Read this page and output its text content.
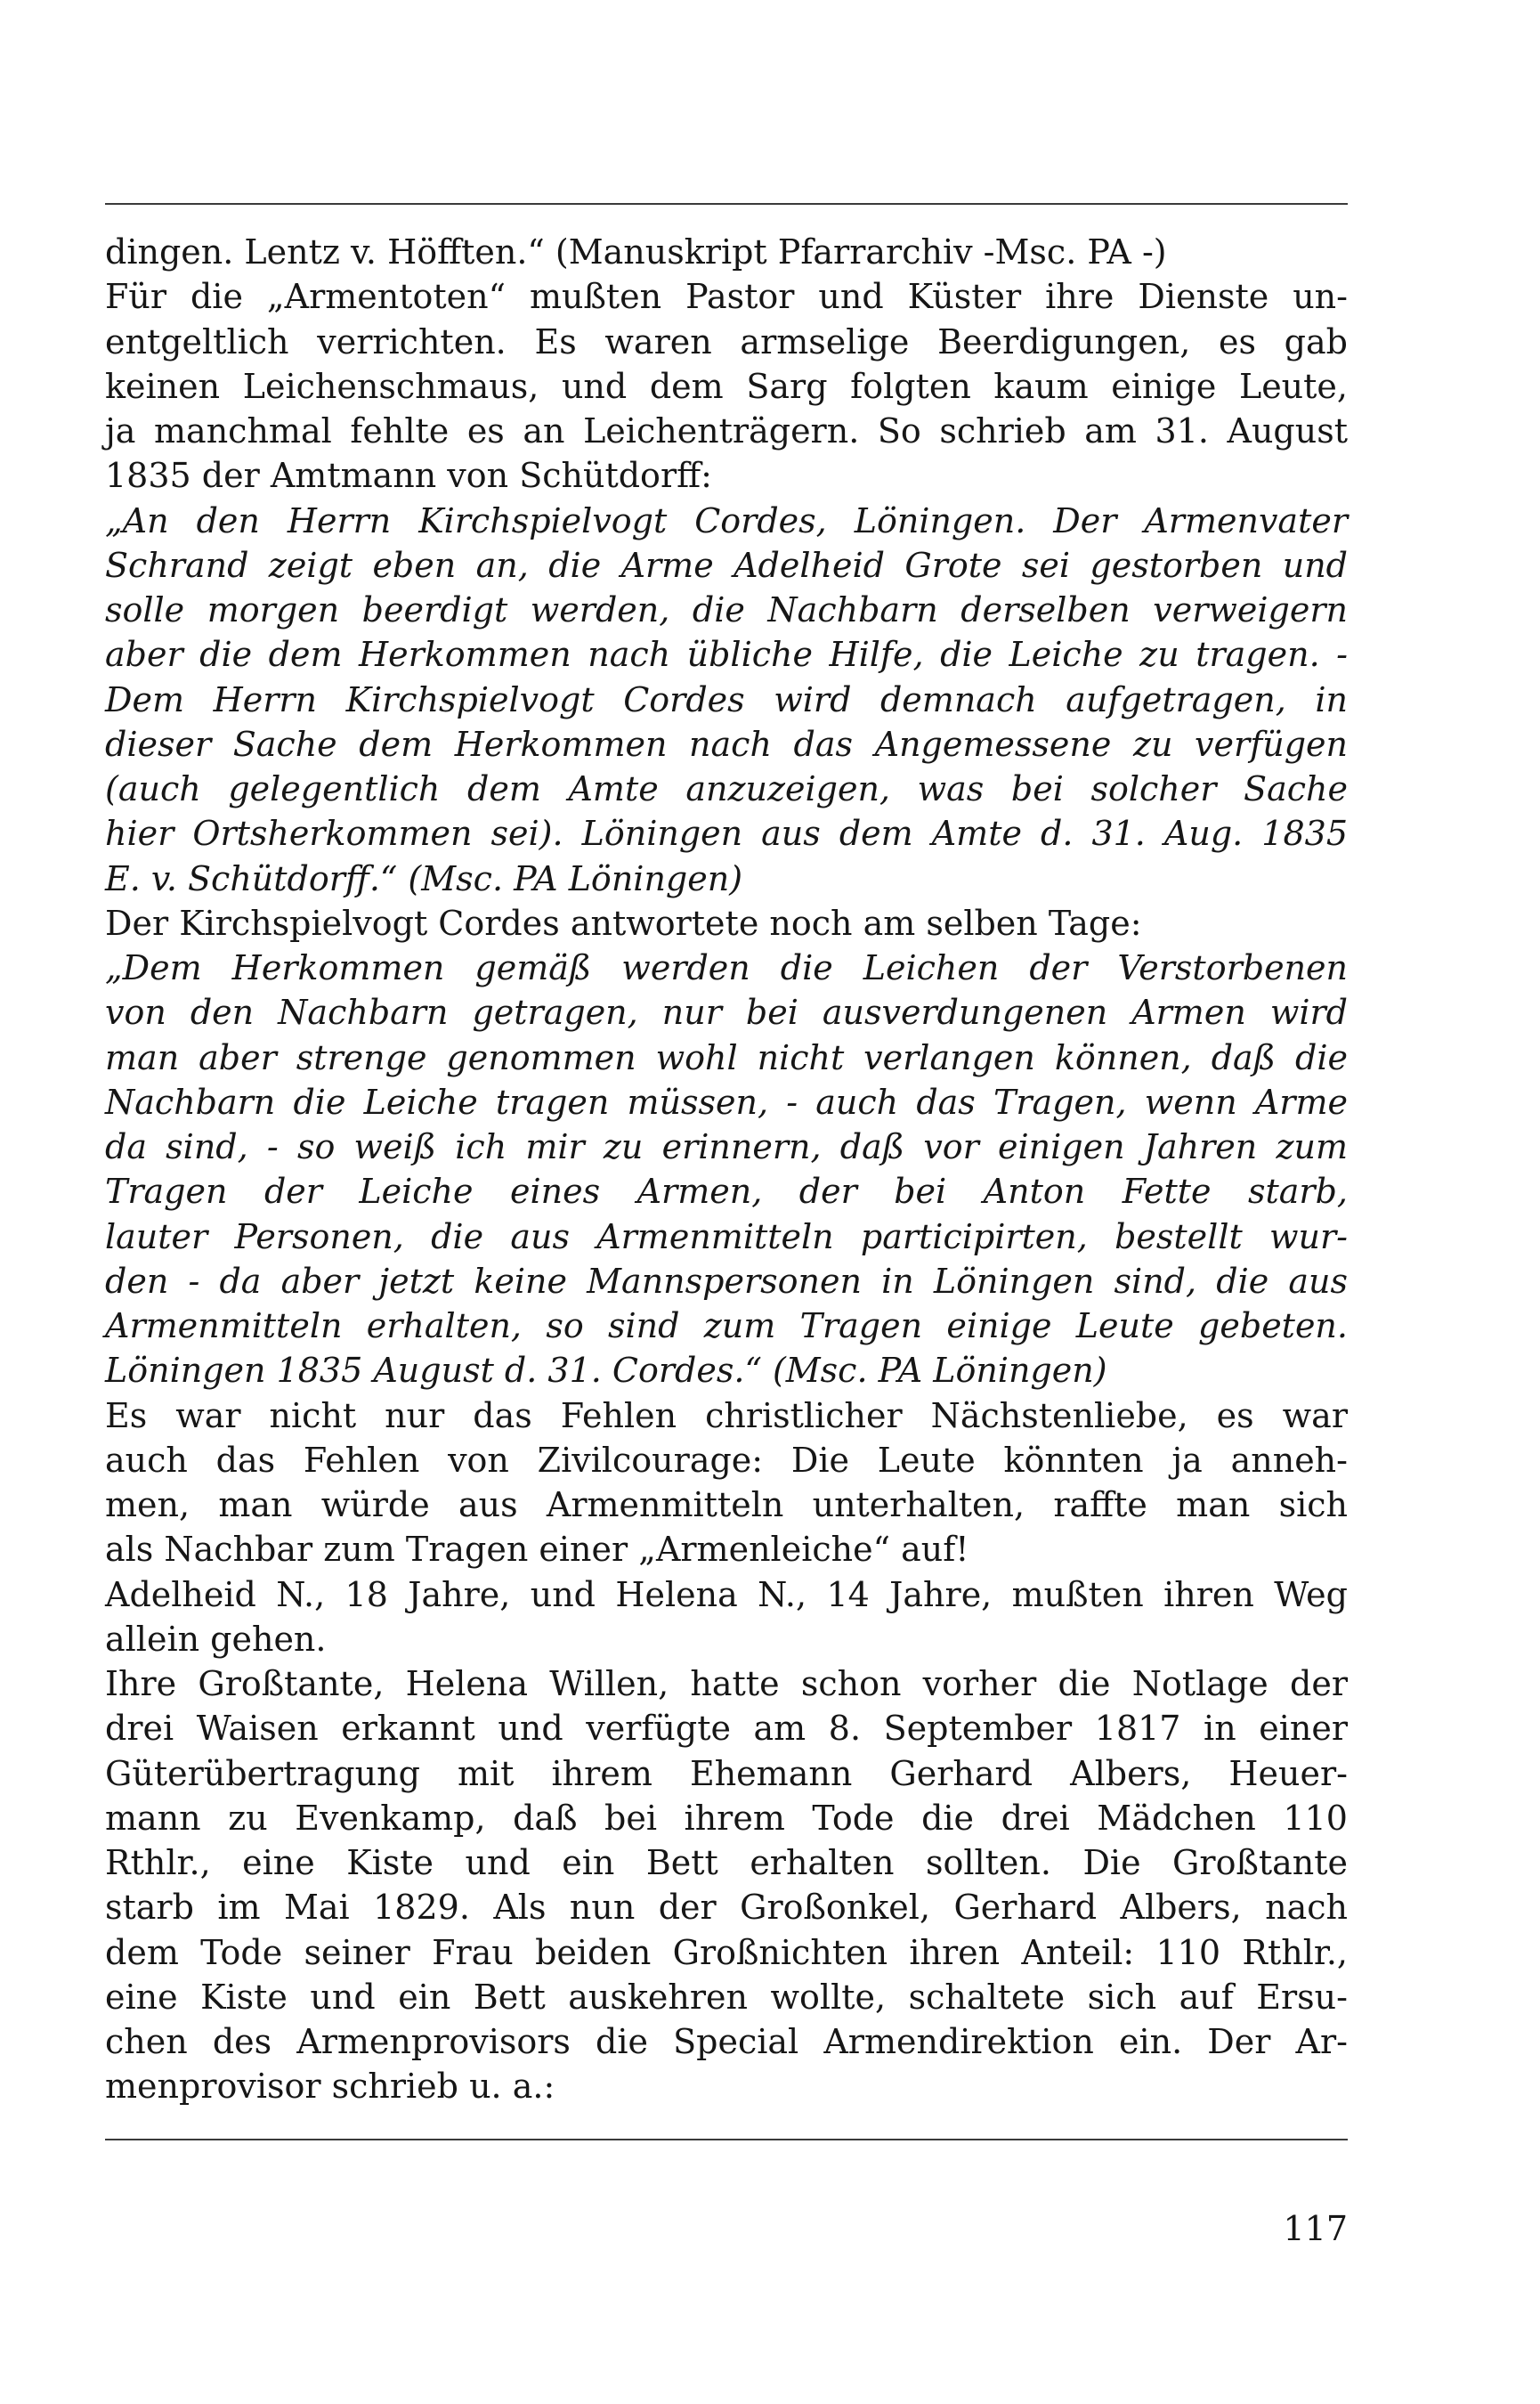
dingen. Lentz v. Höfften.“ (Manuskript Pfarrarchiv -Msc. PA -)
Für die „Armentoten“ mußten Pastor und Küster ihre Dienste un-
entgeltlich verrichten. Es waren armselige Beerdigungen, es gab
keinen Leichenschmaus, und dem Sarg folgten kaum einige Leute,
ja manchmal fehlte es an Leichenträgern. So schrieb am 31. August
1835 der Amtmann von Schütdorff:
„An den Herrn Kirchspielvogt Cordes, Löningen. Der Armenvater
Schrand zeigt eben an, die Arme Adelheid Grote sei gestorben und
solle morgen beerdigt werden, die Nachbarn derselben verweigern
aber die dem Herkommen nach übliche Hilfe, die Leiche zu tragen. -
Dem Herrn Kirchspielvogt Cordes wird demnach aufgetragen, in
dieser Sache dem Herkommen nach das Angemessene zu verfügen
(auch gelegentlich dem Amte anzuzeigen, was bei solcher Sache
hier Ortsherkommen sei). Löningen aus dem Amte d. 31. Aug. 1835
E. v. Schütdorff.“ (Msc. PA Löningen)
Der Kirchspielvogt Cordes antwortete noch am selben Tage:
„Dem Herkommen gemäß werden die Leichen der Verstorbenen
von den Nachbarn getragen, nur bei ausverdungenen Armen wird
man aber strenge genommen wohl nicht verlangen können, daß die
Nachbarn die Leiche tragen müssen, - auch das Tragen, wenn Arme
da sind, - so weiß ich mir zu erinnern, daß vor einigen Jahren zum
Tragen der Leiche eines Armen, der bei Anton Fette starb,
lauter Personen, die aus Armenmitteln participirten, bestellt wur-
den - da aber jetzt keine Mannspersonen in Löningen sind, die aus
Armenmitteln erhalten, so sind zum Tragen einige Leute gebeten.
Löningen 1835 August d. 31. Cordes.“ (Msc. PA Löningen)
Es war nicht nur das Fehlen christlicher Nächstenliebe, es war
auch das Fehlen von Zivilcourage: Die Leute könnten ja anneh-
men, man würde aus Armenmitteln unterhalten, raffte man sich
als Nachbar zum Tragen einer „Armenleiche“ auf!
Adelheid N., 18 Jahre, und Helena N., 14 Jahre, mußten ihren Weg
allein gehen.
Ihre Großtante, Helena Willen, hatte schon vorher die Notlage der
drei Waisen erkannt und verfügte am 8. September 1817 in einer
Güterübertragung mit ihrem Ehemann Gerhard Albers, Heuer-
mann zu Evenkamp, daß bei ihrem Tode die drei Mädchen 110
Rthlr., eine Kiste und ein Bett erhalten sollten. Die Großtante
starb im Mai 1829. Als nun der Großonkel, Gerhard Albers, nach
dem Tode seiner Frau beiden Großnichten ihren Anteil: 110 Rthlr.,
eine Kiste und ein Bett auskehren wollte, schaltete sich auf Ersu-
chen des Armenprovisors die Special Armendirektion ein. Der Ar-
menprovisor schrieb u. a.:
117
